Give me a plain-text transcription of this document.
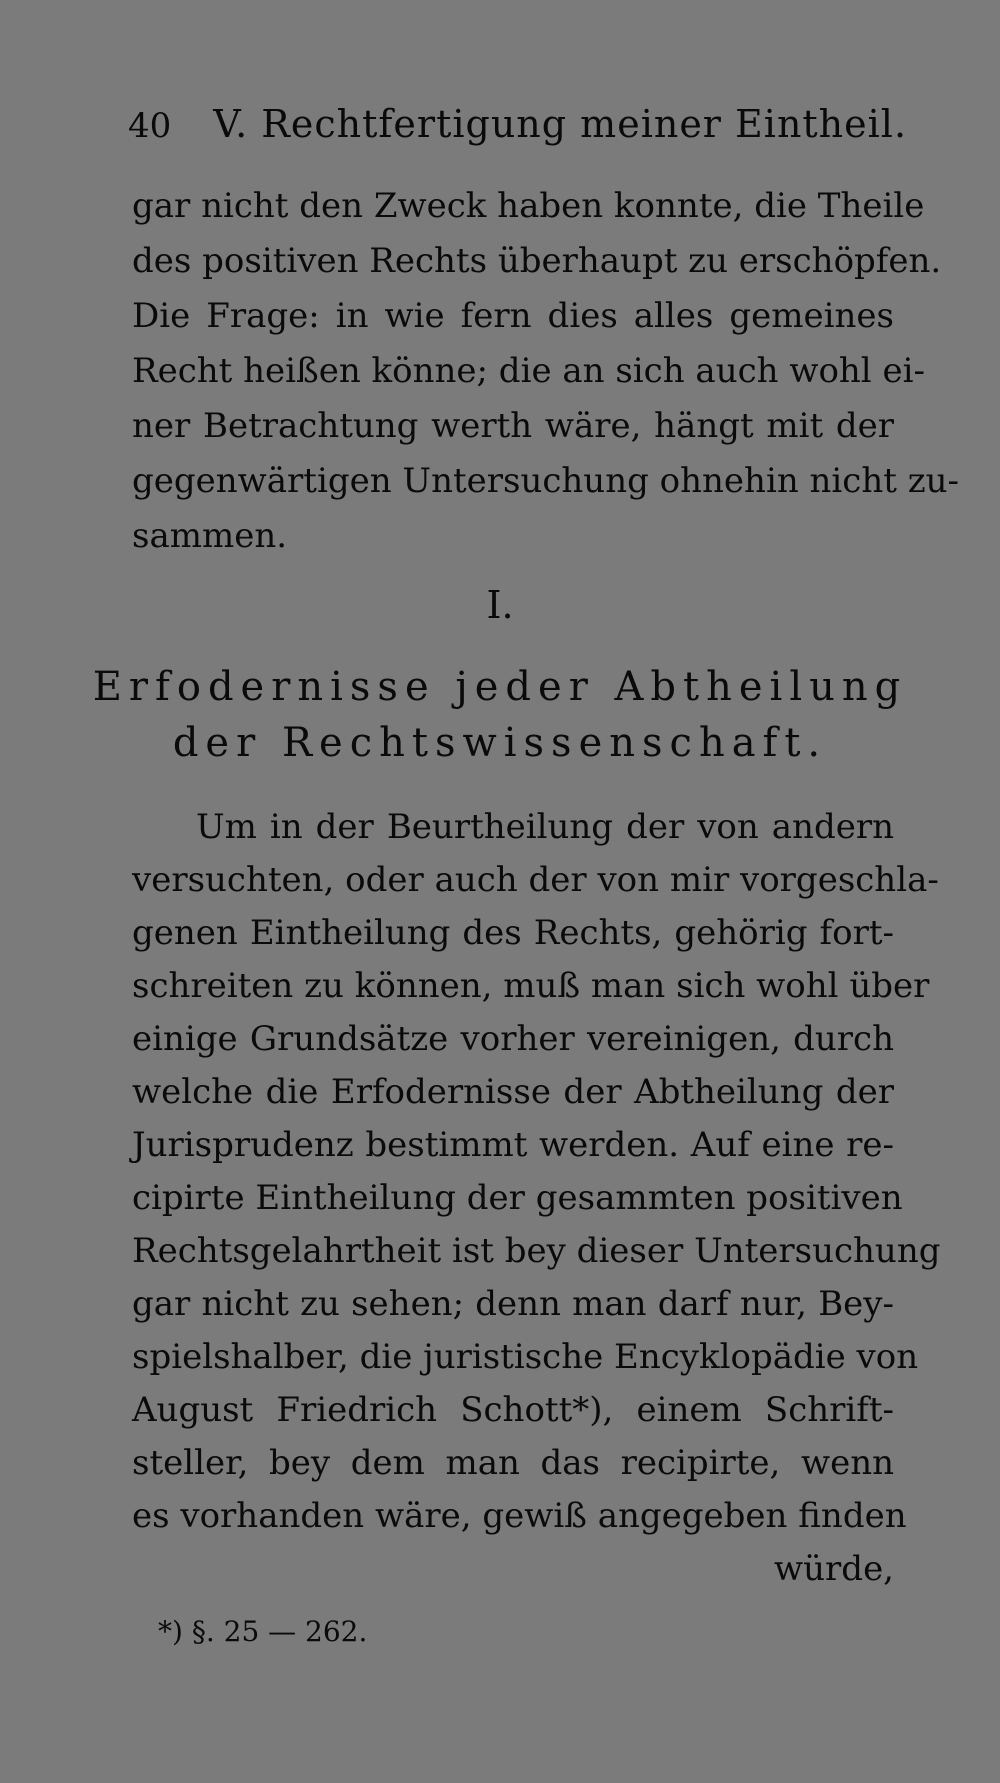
40 V. Rechtfertigung meiner Eintheil.
gar nicht den Zweck haben konnte, die Theile
des positiven Rechts überhaupt zu erschöpfen.
Die Frage: in wie fern dies alles gemeines
Recht heißen könne; die an sich auch wohl ei-
ner Betrachtung werth wäre, hängt mit der
gegenwärtigen Untersuchung ohnehin nicht zu-
sammen.
I.
Erfodernisse jeder Abtheilung
der Rechtswissenschaft.
Um in der Beurtheilung der von andern
versuchten, oder auch der von mir vorgeschla-
genen Eintheilung des Rechts, gehörig fort-
schreiten zu können, muß man sich wohl über
einige Grundsätze vorher vereinigen, durch
welche die Erfodernisse der Abtheilung der
Jurisprudenz bestimmt werden. Auf eine re-
cipirte Eintheilung der gesammten positiven
Rechtsgelahrtheit ist bey dieser Untersuchung
gar nicht zu sehen; denn man darf nur, Bey-
spielshalber, die juristische Encyklopädie von
August Friedrich Schott*), einem Schrift-
steller, bey dem man das recipirte, wenn
es vorhanden wäre, gewiß angegeben finden
würde,
*) §. 25 — 262.
